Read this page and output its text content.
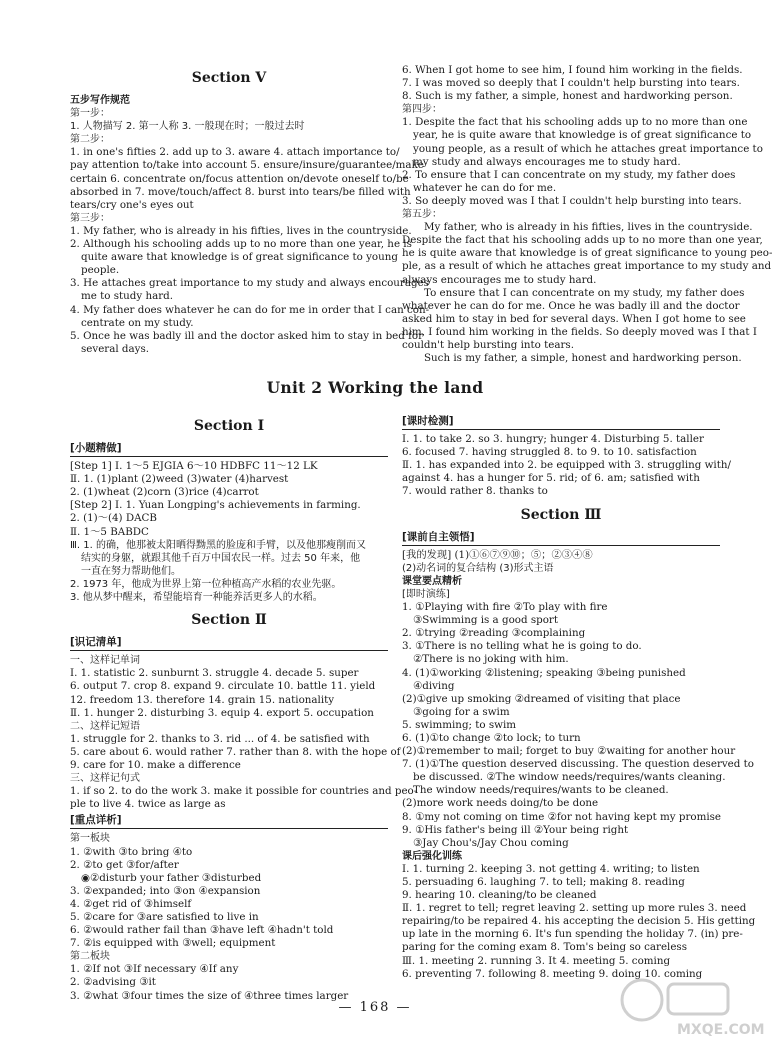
Section Ⅴ
五步写作规范
第一步：
1. 人物描写 2. 第一人称 3. 一般现在时；一般过去时
第二步：
1. in one's fifties 2. add up to 3. aware 4. attach importance to/
pay attention to/take into account 5. ensure/insure/guarantee/make
certain 6. concentrate on/focus attention on/devote oneself to/be
absorbed in 7. move/touch/affect 8. burst into tears/be filled with
tears/cry one's eyes out
第三步：
1. My father, who is already in his fifties, lives in the countryside.
2. Although his schooling adds up to no more than one year, he is
quite aware that knowledge is of great significance to young
people.
3. He attaches great importance to my study and always encourages
me to study hard.
4. My father does whatever he can do for me in order that I can con-
centrate on my study.
5. Once he was badly ill and the doctor asked him to stay in bed for
several days.
6. When I got home to see him, I found him working in the fields.
7. I was moved so deeply that I couldn't help bursting into tears.
8. Such is my father, a simple, honest and hardworking person.
第四步：
1. Despite the fact that his schooling adds up to no more than one
year, he is quite aware that knowledge is of great significance to
young people, as a result of which he attaches great importance to
my study and always encourages me to study hard.
2. To ensure that I can concentrate on my study, my father does
whatever he can do for me.
3. So deeply moved was I that I couldn't help bursting into tears.
第五步：
My father, who is already in his fifties, lives in the countryside.
Despite the fact that his schooling adds up to no more than one year,
he is quite aware that knowledge is of great significance to young peo-
ple, as a result of which he attaches great importance to my study and
always encourages me to study hard.
To ensure that I can concentrate on my study, my father does
whatever he can do for me. Once he was badly ill and the doctor
asked him to stay in bed for several days. When I got home to see
him, I found him working in the fields. So deeply moved was I that I
couldn't help bursting into tears.
Such is my father, a simple, honest and hardworking person.
Unit 2 Working the land
Section Ⅰ
[小题精做]
[Step 1] Ⅰ. 1～5 EJGIA 6～10 HDBFC 11～12 LK
Ⅱ. 1. (1)plant (2)weed (3)water (4)harvest
2. (1)wheat (2)corn (3)rice (4)carrot
[Step 2] Ⅰ. 1. Yuan Longping's achievements in farming.
2. (1)～(4) DACB
Ⅱ. 1～5 BABDC
Ⅲ. 1. 的确，他那被太阳晒得黝黑的脸庞和手臂，以及他那瘦削而又
结实的身躯，就跟其他千百万中国农民一样。过去 50 年来，他
一直在努力帮助他们。
2. 1973 年，他成为世界上第一位种植高产水稻的农业先驱。
3. 他从梦中醒来，希望能培育一种能养活更多人的水稻。
Section Ⅱ
[识记清单]
一、这样记单词
Ⅰ. 1. statistic 2. sunburnt 3. struggle 4. decade 5. super
6. output 7. crop 8. expand 9. circulate 10. battle 11. yield
12. freedom 13. therefore 14. grain 15. nationality
Ⅱ. 1. hunger 2. disturbing 3. equip 4. export 5. occupation
二、这样记短语
1. struggle for 2. thanks to 3. rid ... of 4. be satisfied with
5. care about 6. would rather 7. rather than 8. with the hope of
9. care for 10. make a difference
三、这样记句式
1. if so 2. to do the work 3. make it possible for countries and peo-
ple to live 4. twice as large as
[重点详析]
第一板块
1. ②with ③to bring ④to
2. ②to get ③for/after
◉②disturb your father ③disturbed
3. ②expanded; into ③on ④expansion
4. ②get rid of ③himself
5. ②care for ③are satisfied to live in
6. ②would rather fail than ③have left ④hadn't told
7. ②is equipped with ③well; equipment
第二板块
1. ②If not ③If necessary ④If any
2. ②advising ③it
3. ②what ③four times the size of ④three times larger
[课时检测]
Ⅰ. 1. to take 2. so 3. hungry; hunger 4. Disturbing 5. taller
6. focused 7. having struggled 8. to 9. to 10. satisfaction
Ⅱ. 1. has expanded into 2. be equipped with 3. struggling with/
against 4. has a hunger for 5. rid; of 6. am; satisfied with
7. would rather 8. thanks to
Section Ⅲ
[课前自主领悟]
[我的发现] (1)①⑥⑦⑨⑩；⑤；②③④⑧
(2)动名词的复合结构 (3)形式主语
课堂要点精析
[即时演练]
1. ①Playing with fire ②To play with fire
③Swimming is a good sport
2. ①trying ②reading ③complaining
3. ①There is no telling what he is going to do.
②There is no joking with him.
4. (1)①working ②listening; speaking ③being punished
④diving
(2)①give up smoking ②dreamed of visiting that place
③going for a swim
5. swimming; to swim
6. (1)①to change ②to lock; to turn
(2)①remember to mail; forget to buy ②waiting for another hour
7. (1)①The question deserved discussing. The question deserved to
be discussed. ②The window needs/requires/wants cleaning.
The window needs/requires/wants to be cleaned.
(2)more work needs doing/to be done
8. ①my not coming on time ②for not having kept my promise
9. ①His father's being ill ②Your being right
③Jay Chou's/Jay Chou coming
课后强化训练
Ⅰ. 1. turning 2. keeping 3. not getting 4. writing; to listen
5. persuading 6. laughing 7. to tell; making 8. reading
9. hearing 10. cleaning/to be cleaned
Ⅱ. 1. regret to tell; regret leaving 2. setting up more rules 3. need
repairing/to be repaired 4. his accepting the decision 5. His getting
up late in the morning 6. It's fun spending the holiday 7. (in) pre-
paring for the coming exam 8. Tom's being so careless
Ⅲ. 1. meeting 2. running 3. It 4. meeting 5. coming
6. preventing 7. following 8. meeting 9. doing 10. coming
— 168 —
MXQE.COM
